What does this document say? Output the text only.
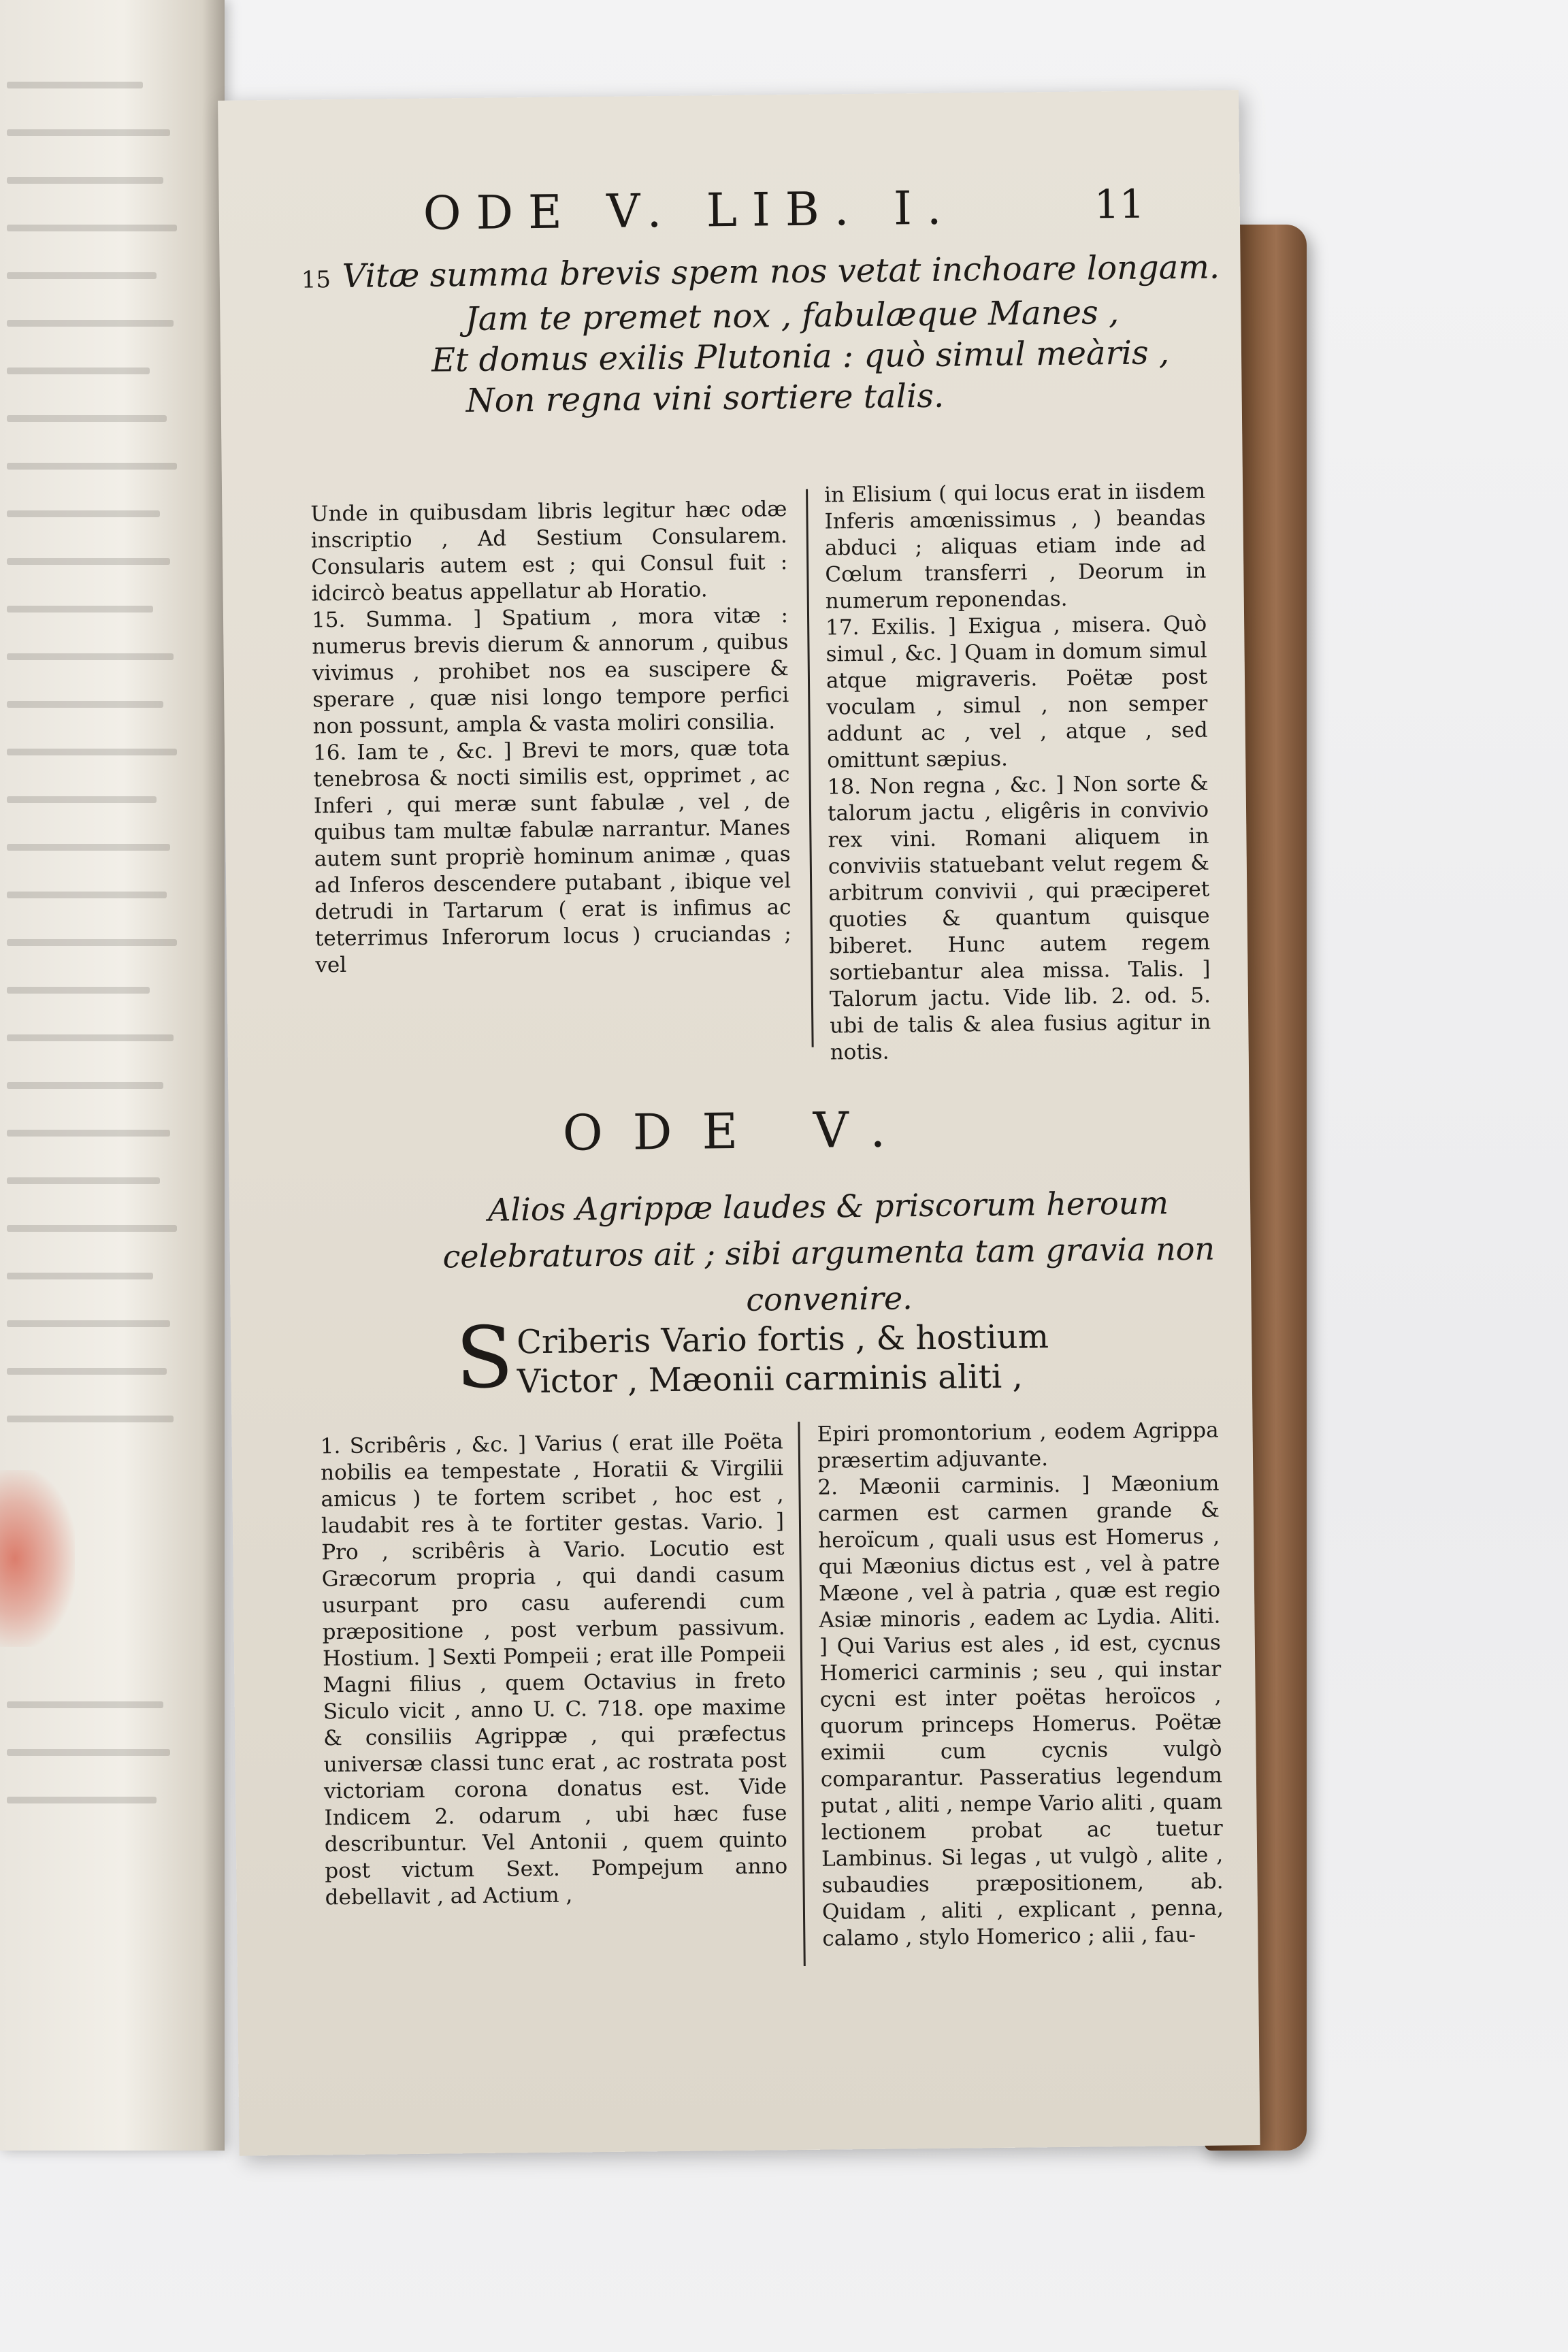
ODE V. LIB. I.	11
15 Vitæ summa brevis spem nos vetat inchoare longam.
Jam te premet nox , fabulæque Manes ,
Et domus exilis Plutonia : quò simul meàris ,
Non regna vini sortiere talis.

Unde in quibusdam libris legitur hæc odæ inscriptio , Ad Sestium Consularem. Consularis autem est ; qui Consul fuit : idcircò beatus appellatur ab Horatio.

15. Summa. ] Spatium , mora vitæ : numerus brevis dierum & annorum , quibus vivimus , prohibet nos ea suscipere & sperare , quæ nisi longo tempore perfici non possunt, ampla & vasta moliri consilia.

16. Iam te , &c. ] Brevi te mors, quæ tota tenebrosa & nocti similis est, opprimet , ac Inferi , qui meræ sunt fabulæ , vel , de quibus tam multæ fabulæ narrantur. Manes autem sunt propriè hominum animæ , quas ad Inferos descendere putabant , ibique vel detrudi in Tartarum ( erat is infimus ac teterrimus Inferorum locus ) cruciandas ; vel

in Elisium ( qui locus erat in iisdem Inferis amœnissimus , ) beandas abduci ; aliquas etiam inde ad Cœlum transferri , Deorum in numerum reponendas.

17. Exilis. ] Exigua , misera. Quò simul , &c. ] Quam in domum simul atque migraveris. Poëtæ post voculam , simul , non semper addunt ac , vel , atque , sed omittunt sæpius.

18. Non regna , &c. ] Non sorte & talorum jactu , eligêris in convivio rex vini. Romani aliquem in conviviis statuebant velut regem & arbitrum convivii , qui præciperet quoties & quantum quisque biberet. Hunc autem regem sortiebantur alea missa. Talis. ] Talorum jactu. Vide lib. 2. od. 5. ubi de talis & alea fusius agitur in notis.

ODE V.
Alios Agrippæ laudes & priscorum heroum celebraturos ait ; sibi argumenta tam gravia non convenire.
S Criberis Vario fortis , & hostium
Victor , Mæonii carminis aliti ,

1. Scribêris , &c. ] Varius ( erat ille Poëta nobilis ea tempestate , Horatii & Virgilii amicus ) te fortem scribet , hoc est , laudabit res à te fortiter gestas. Vario. ] Pro , scribêris à Vario. Locutio est Græcorum propria , qui dandi casum usurpant pro casu auferendi cum præpositione , post verbum passivum. Hostium. ] Sexti Pompeii ; erat ille Pompeii Magni filius , quem Octavius in freto Siculo vicit , anno U. C. 718. ope maxime & consiliis Agrippæ , qui præfectus universæ classi tunc erat , ac rostrata post victoriam corona donatus est. Vide Indicem 2. odarum , ubi hæc fuse describuntur. Vel Antonii , quem quinto post victum Sext. Pompejum anno debellavit , ad Actium ,

Epiri promontorium , eodem Agrippa præsertim adjuvante.

2. Mæonii carminis. ] Mæonium carmen est carmen grande & heroïcum , quali usus est Homerus , qui Mæonius dictus est , vel à patre Mæone , vel à patria , quæ est regio Asiæ minoris , eadem ac Lydia. Aliti. ] Qui Varius est ales , id est, cycnus Homerici carminis ; seu , qui instar cycni est inter poëtas heroïcos , quorum princeps Homerus. Poëtæ eximii cum cycnis vulgò comparantur. Passeratius legendum putat , aliti , nempe Vario aliti , quam lectionem probat ac tuetur Lambinus. Si legas , ut vulgò , alite , subaudies præpositionem, ab. Quidam , aliti , explicant , penna, calamo , stylo Homerico ; alii , fau-
